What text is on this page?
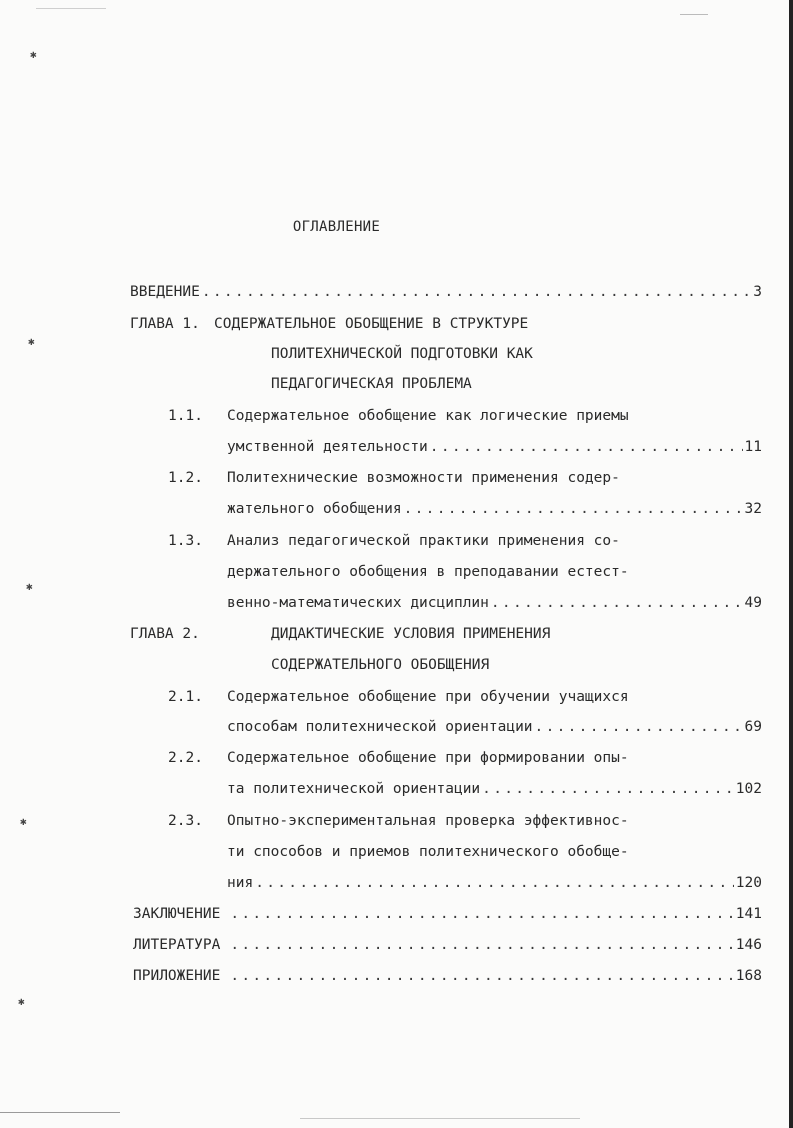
✱
✱
✱
✱
✱
ОГЛАВЛЕНИЕ
ВВЕДЕНИЕ .....	3
ГЛАВА 1. СОДЕРЖАТЕЛЬНОЕ ОБОБЩЕНИЕ В СТРУКТУРЕ
ПОЛИТЕХНИЧЕСКОЙ ПОДГОТОВКИ КАК
ПЕДАГОГИЧЕСКАЯ ПРОБЛЕМА
1.1. Содержательное обобщение как логические приемы
умственной деятельности .....	11
1.2. Политехнические возможности применения содер-
жательного обобщения .....	32
1.3. Анализ педагогической практики применения со-
держательного обобщения в преподавании естест-
венно-математических дисциплин .....	49
ГЛАВА 2.	ДИДАКТИЧЕСКИЕ УСЛОВИЯ ПРИМЕНЕНИЯ
СОДЕРЖАТЕЛЬНОГО ОБОБЩЕНИЯ
2.1. Содержательное обобщение при обучении учащихся
способам политехнической ориентации .....	69
2.2. Содержательное обобщение при формировании опы-
та политехнической ориентации .....	102
2.3. Опытно-экспериментальная проверка эффективнос-
ти способов и приемов политехнического обобще-
ния .....	120
ЗАКЛЮЧЕНИЕ .....	141
ЛИТЕРАТУРА .....	146
ПРИЛОЖЕНИЕ .....	168
